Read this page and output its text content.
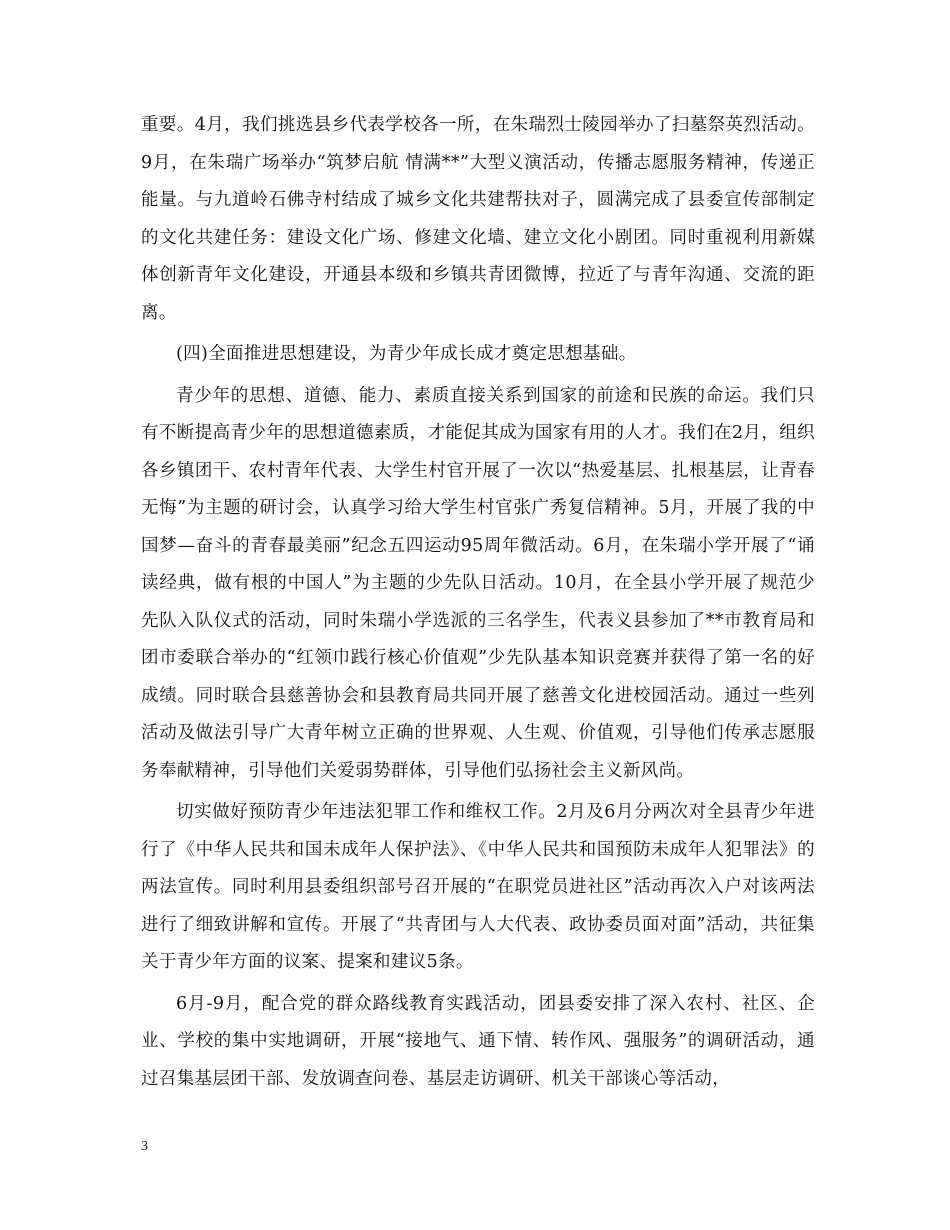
重要。4月，我们挑选县乡代表学校各一所，在朱瑞烈士陵园举办了扫墓祭英烈活动。9月，在朱瑞广场举办“筑梦启航 情满**”大型义演活动，传播志愿服务精神，传递正能量。与九道岭石佛寺村结成了城乡文化共建帮扶对子，圆满完成了县委宣传部制定的文化共建任务：建设文化广场、修建文化墙、建立文化小剧团。同时重视利用新媒体创新青年文化建设，开通县本级和乡镇共青团微博，拉近了与青年沟通、交流的距离。

(四)全面推进思想建设，为青少年成长成才奠定思想基础。

青少年的思想、道德、能力、素质直接关系到国家的前途和民族的命运。我们只有不断提高青少年的思想道德素质，才能促其成为国家有用的人才。我们在2月，组织各乡镇团干、农村青年代表、大学生村官开展了一次以“热爱基层、扎根基层，让青春无悔”为主题的研讨会，认真学习给大学生村官张广秀复信精神。5月，开展了我的中国梦—奋斗的青春最美丽”纪念五四运动95周年微活动。6月，在朱瑞小学开展了“诵读经典，做有根的中国人”为主题的少先队日活动。10月，在全县小学开展了规范少先队入队仪式的活动，同时朱瑞小学选派的三名学生，代表义县参加了**市教育局和团市委联合举办的“红领巾践行核心价值观”少先队基本知识竞赛并获得了第一名的好成绩。同时联合县慈善协会和县教育局共同开展了慈善文化进校园活动。通过一些列活动及做法引导广大青年树立正确的世界观、人生观、价值观，引导他们传承志愿服务奉献精神，引导他们关爱弱势群体，引导他们弘扬社会主义新风尚。

切实做好预防青少年违法犯罪工作和维权工作。2月及6月分两次对全县青少年进行了《中华人民共和国未成年人保护法》、《中华人民共和国预防未成年人犯罪法》的两法宣传。同时利用县委组织部号召开展的“在职党员进社区”活动再次入户对该两法进行了细致讲解和宣传。开展了“共青团与人大代表、政协委员面对面”活动，共征集关于青少年方面的议案、提案和建议5条。

6月-9月，配合党的群众路线教育实践活动，团县委安排了深入农村、社区、企业、学校的集中实地调研，开展“接地气、通下情、转作风、强服务”的调研活动，通过召集基层团干部、发放调查问卷、基层走访调研、机关干部谈心等活动，

3
